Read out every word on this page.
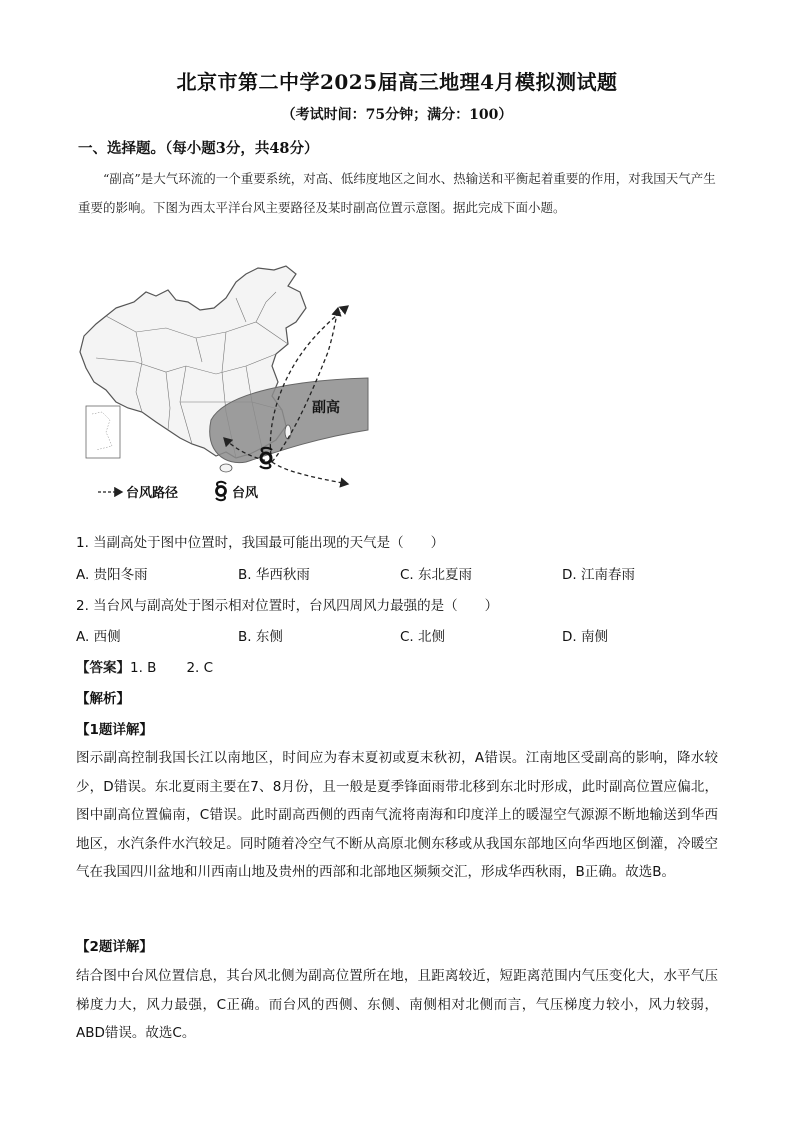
北京市第二中学2025届高三地理4月模拟测试题
（考试时间：75分钟；满分：100）
一、选择题。（每小题3分，共48分）
“副高”是大气环流的一个重要系统，对高、低纬度地区之间水、热输送和平衡起着重要的作用，对我国天气产生重要的影响。下图为西太平洋台风主要路径及某时副高位置示意图。据此完成下面小题。
副高
台风路径	台风
1. 当副高处于图中位置时，我国最可能出现的天气是（　　）
A. 贵阳冬雨	B. 华西秋雨	C. 东北夏雨	D. 江南春雨
2. 当台风与副高处于图示相对位置时，台风四周风力最强的是（　　）
A. 西侧	B. 东侧	C. 北侧	D. 南侧
【答案】1. B 2. C
【解析】
【1题详解】
图示副高控制我国长江以南地区，时间应为春末夏初或夏末秋初，A错误。江南地区受副高的影响，降水较少，D错误。东北夏雨主要在7、8月份，且一般是夏季锋面雨带北移到东北时形成，此时副高位置应偏北，图中副高位置偏南，C错误。此时副高西侧的西南气流将南海和印度洋上的暖湿空气源源不断地输送到华西地区，水汽条件水汽较足。同时随着冷空气不断从高原北侧东移或从我国东部地区向华西地区倒灌，冷暖空气在我国四川盆地和川西南山地及贵州的西部和北部地区频频交汇，形成华西秋雨，B正确。故选B。
【2题详解】
结合图中台风位置信息，其台风北侧为副高位置所在地，且距离较近，短距离范围内气压变化大，水平气压梯度力大，风力最强，C正确。而台风的西侧、东侧、南侧相对北侧而言，气压梯度力较小，风力较弱，ABD错误。故选C。
